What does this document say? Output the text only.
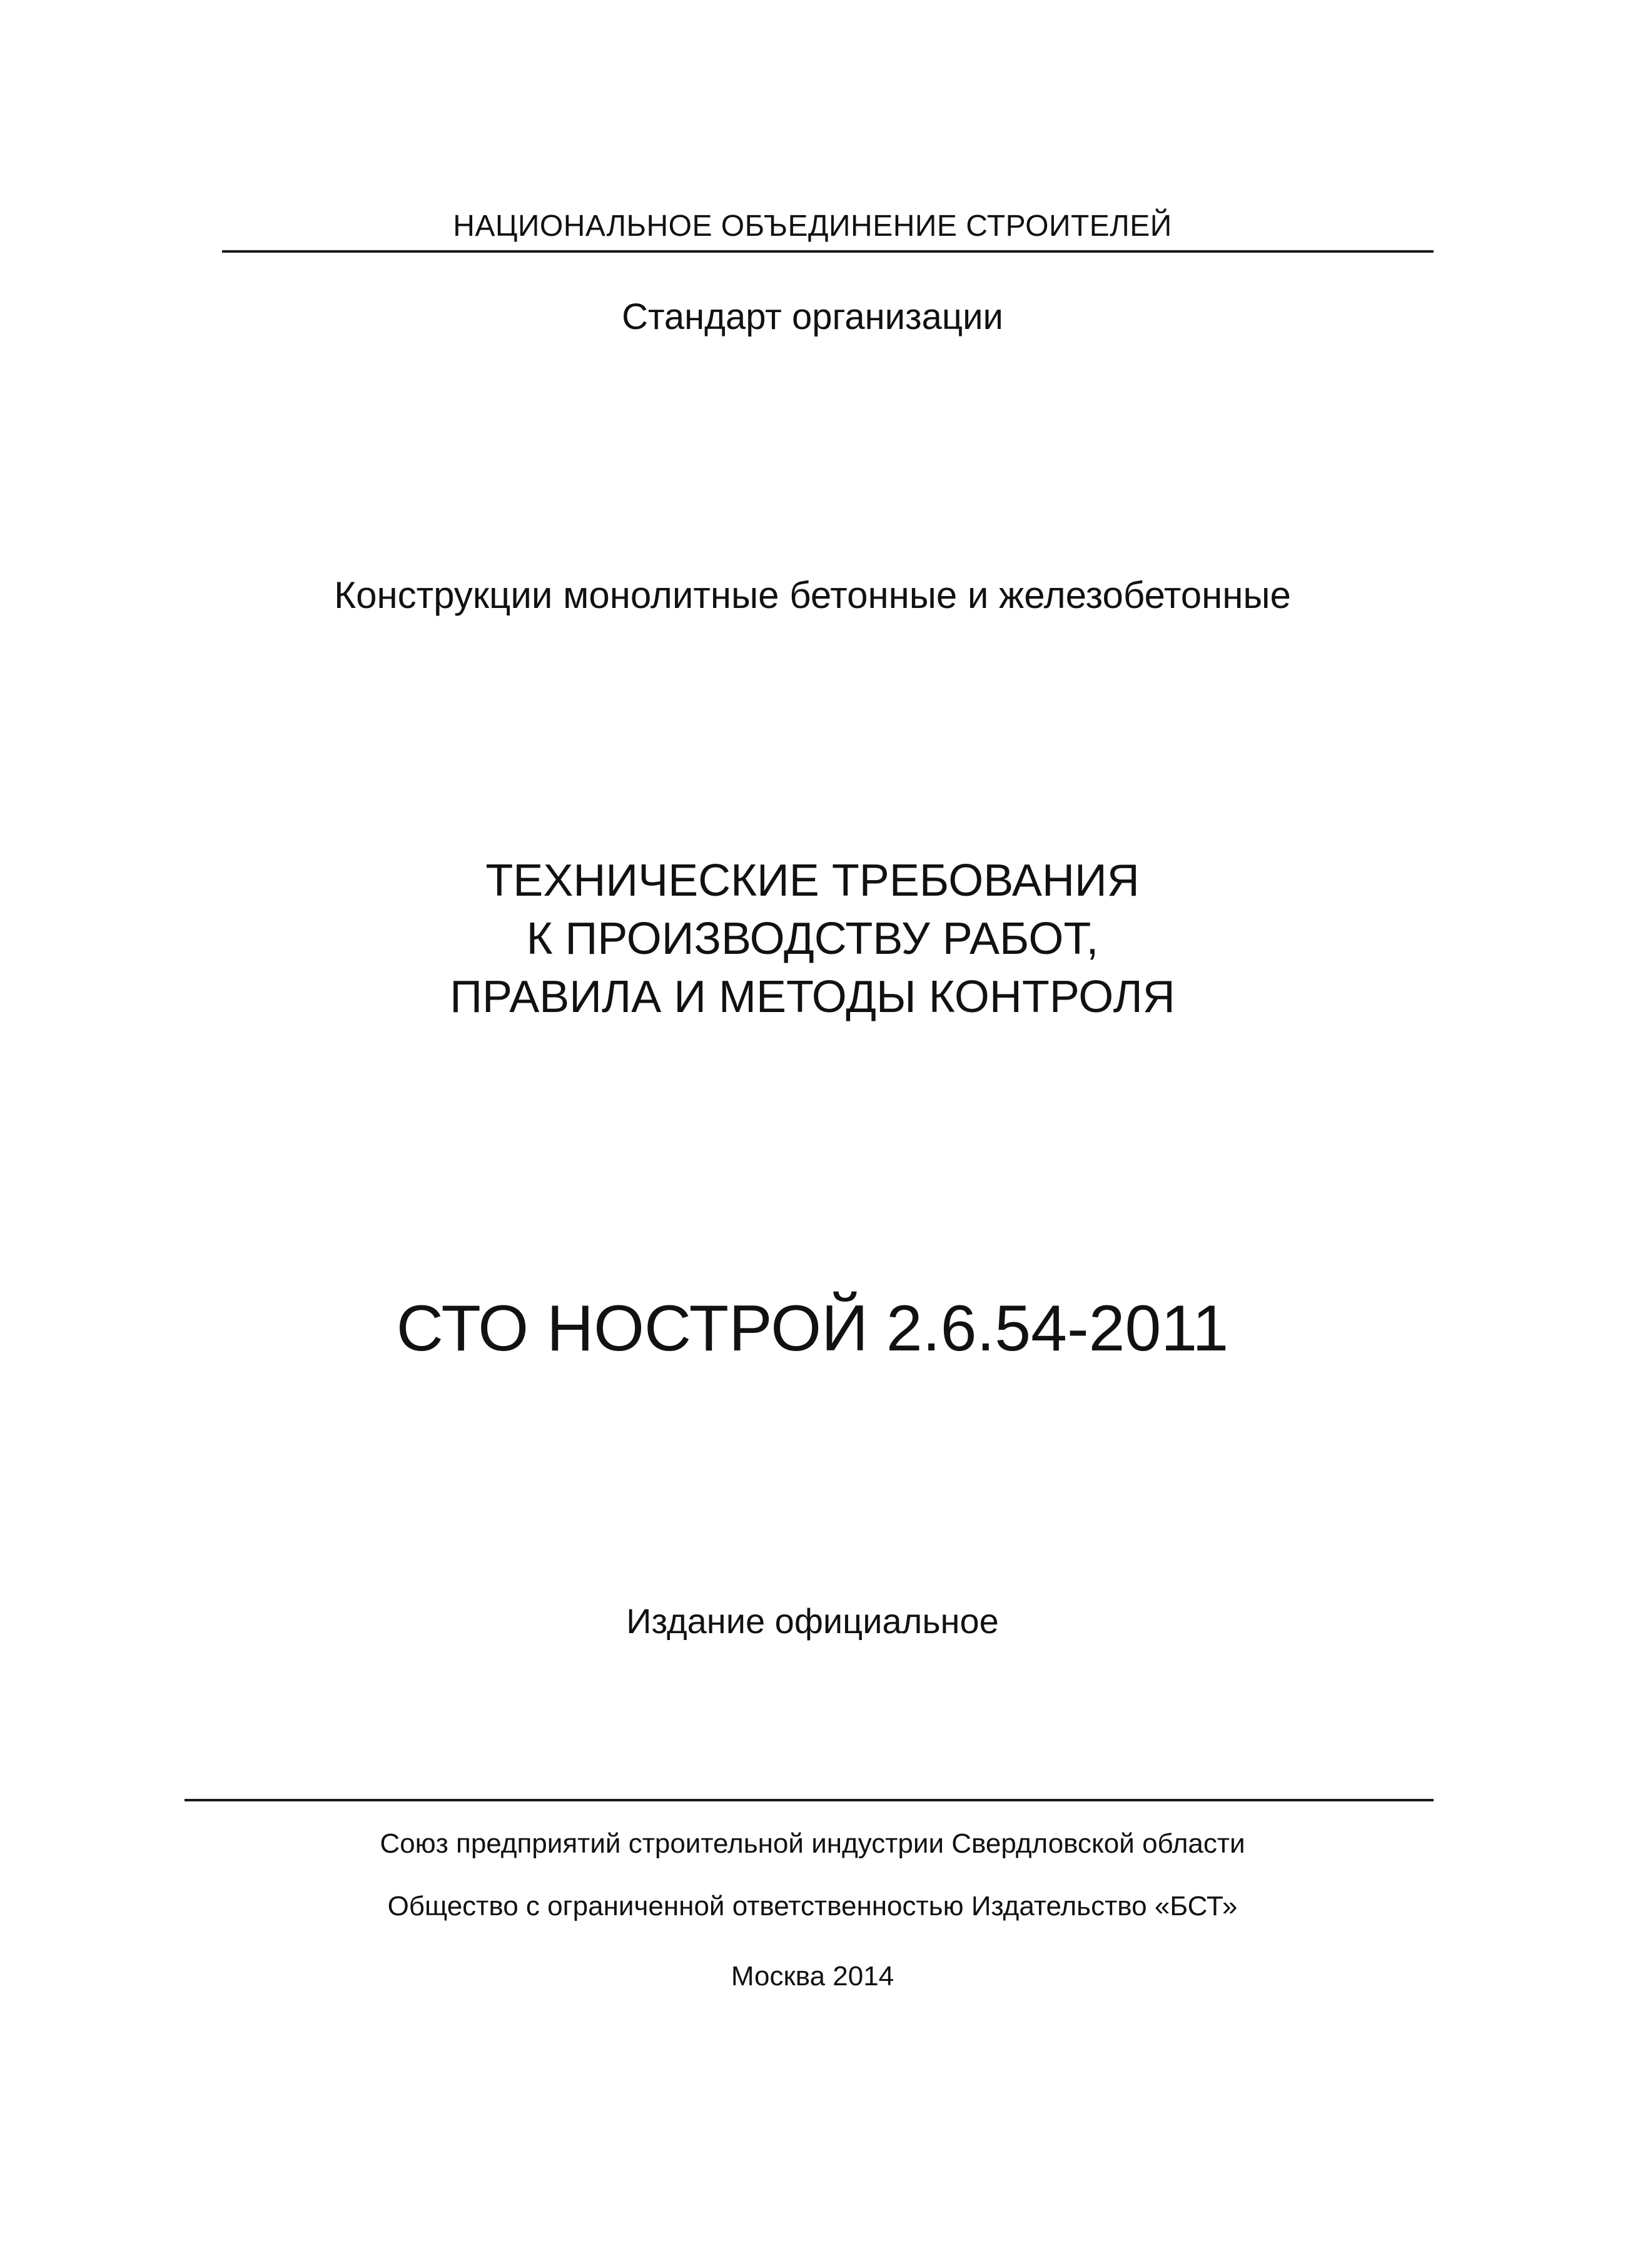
НАЦИОНАЛЬНОЕ ОБЪЕДИНЕНИЕ СТРОИТЕЛЕЙ
Стандарт организации
Конструкции монолитные бетонные и железобетонные
ТЕХНИЧЕСКИЕ ТРЕБОВАНИЯ
К ПРОИЗВОДСТВУ РАБОТ,
ПРАВИЛА И МЕТОДЫ КОНТРОЛЯ
СТО НОСТРОЙ 2.6.54-2011
Издание официальное
Союз предприятий строительной индустрии Свердловской области
Общество с ограниченной ответственностью Издательство «БСТ»
Москва 2014
